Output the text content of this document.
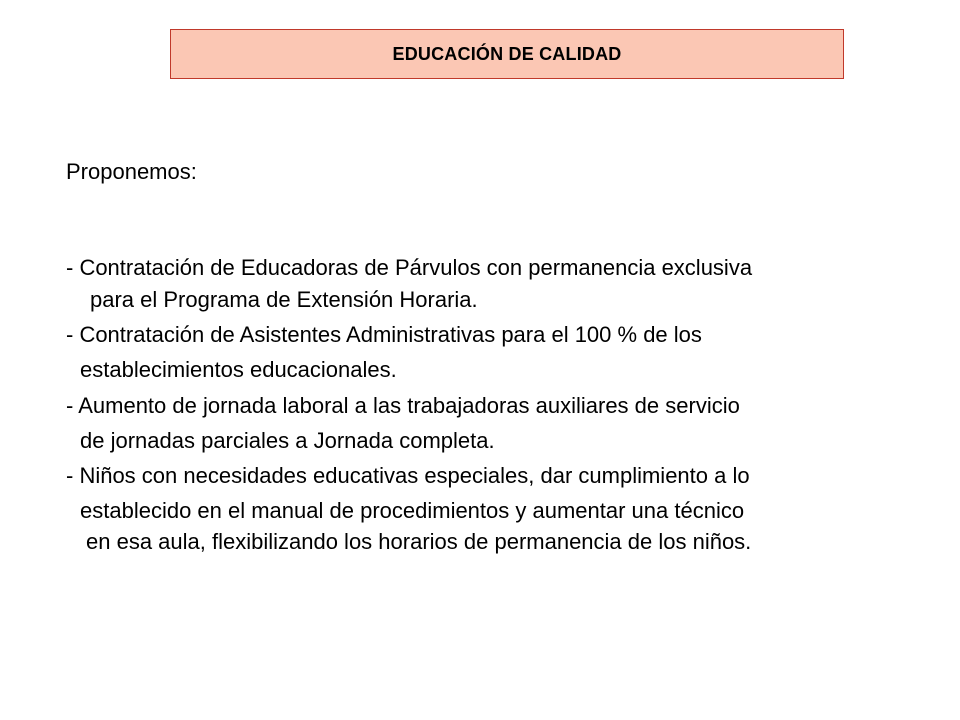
EDUCACIÓN DE CALIDAD
Proponemos:
- Contratación de Educadoras de Párvulos con permanencia exclusiva
para el Programa de Extensión Horaria.
- Contratación de Asistentes Administrativas para el 100 % de los
establecimientos educacionales.
- Aumento de jornada laboral a las trabajadoras auxiliares de servicio
de jornadas parciales a Jornada completa.
- Niños con necesidades educativas especiales, dar cumplimiento a lo
establecido en el manual de procedimientos y aumentar una técnico
en esa aula, flexibilizando los horarios de permanencia de los niños.
